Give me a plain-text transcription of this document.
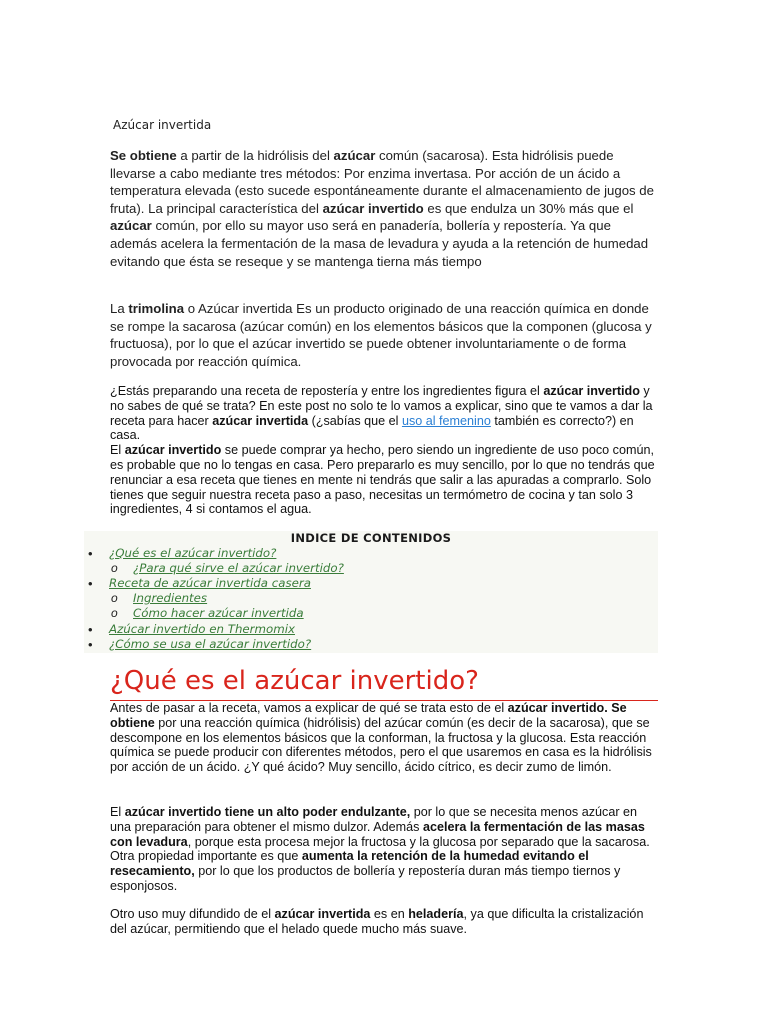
Azúcar invertida

Se obtiene a partir de la hidrólisis del azúcar común (sacarosa). Esta hidrólisis puede llevarse a cabo mediante tres métodos: Por enzima invertasa. Por acción de un ácido a temperatura elevada (esto sucede espontáneamente durante el almacenamiento de jugos de fruta). La principal característica del azúcar invertido es que endulza un 30% más que el azúcar común, por ello su mayor uso será en panadería, bollería y repostería. Ya que además acelera la fermentación de la masa de levadura y ayuda a la retención de humedad evitando que ésta se reseque y se mantenga tierna más tiempo

La trimolina o Azúcar invertida Es un producto originado de una reacción química en donde se rompe la sacarosa (azúcar común) en los elementos básicos que la componen (glucosa y fructuosa), por lo que el azúcar invertido se puede obtener involuntariamente o de forma provocada por reacción química.

¿Estás preparando una receta de repostería y entre los ingredientes figura el azúcar invertido y no sabes de qué se trata? En este post no solo te lo vamos a explicar, sino que te vamos a dar la receta para hacer azúcar invertida (¿sabías que el uso al femenino también es correcto?) en casa.
El azúcar invertido se puede comprar ya hecho, pero siendo un ingrediente de uso poco común, es probable que no lo tengas en casa. Pero prepararlo es muy sencillo, por lo que no tendrás que renunciar a esa receta que tienes en mente ni tendrás que salir a las apuradas a comprarlo. Solo tienes que seguir nuestra receta paso a paso, necesitas un termómetro de cocina y tan solo 3 ingredientes, 4 si contamos el agua.

INDICE DE CONTENIDOS
• ¿Qué es el azúcar invertido?
o ¿Para qué sirve el azúcar invertido?
• Receta de azúcar invertida casera
o Ingredientes
o Cómo hacer azúcar invertida
• Azúcar invertido en Thermomix
• ¿Cómo se usa el azúcar invertido?
¿Qué es el azúcar invertido?

Antes de pasar a la receta, vamos a explicar de qué se trata esto de el azúcar invertido. Se obtiene por una reacción química (hidrólisis) del azúcar común (es decir de la sacarosa), que se descompone en los elementos básicos que la conforman, la fructosa y la glucosa. Esta reacción química se puede producir con diferentes métodos, pero el que usaremos en casa es la hidrólisis por acción de un ácido. ¿Y qué ácido? Muy sencillo, ácido cítrico, es decir zumo de limón.

El azúcar invertido tiene un alto poder endulzante, por lo que se necesita menos azúcar en una preparación para obtener el mismo dulzor. Además acelera la fermentación de las masas con levadura, porque esta procesa mejor la fructosa y la glucosa por separado que la sacarosa. Otra propiedad importante es que aumenta la retención de la humedad evitando el resecamiento, por lo que los productos de bollería y repostería duran más tiempo tiernos y esponjosos.

Otro uso muy difundido de el azúcar invertida es en heladería, ya que dificulta la cristalización del azúcar, permitiendo que el helado quede mucho más suave.
